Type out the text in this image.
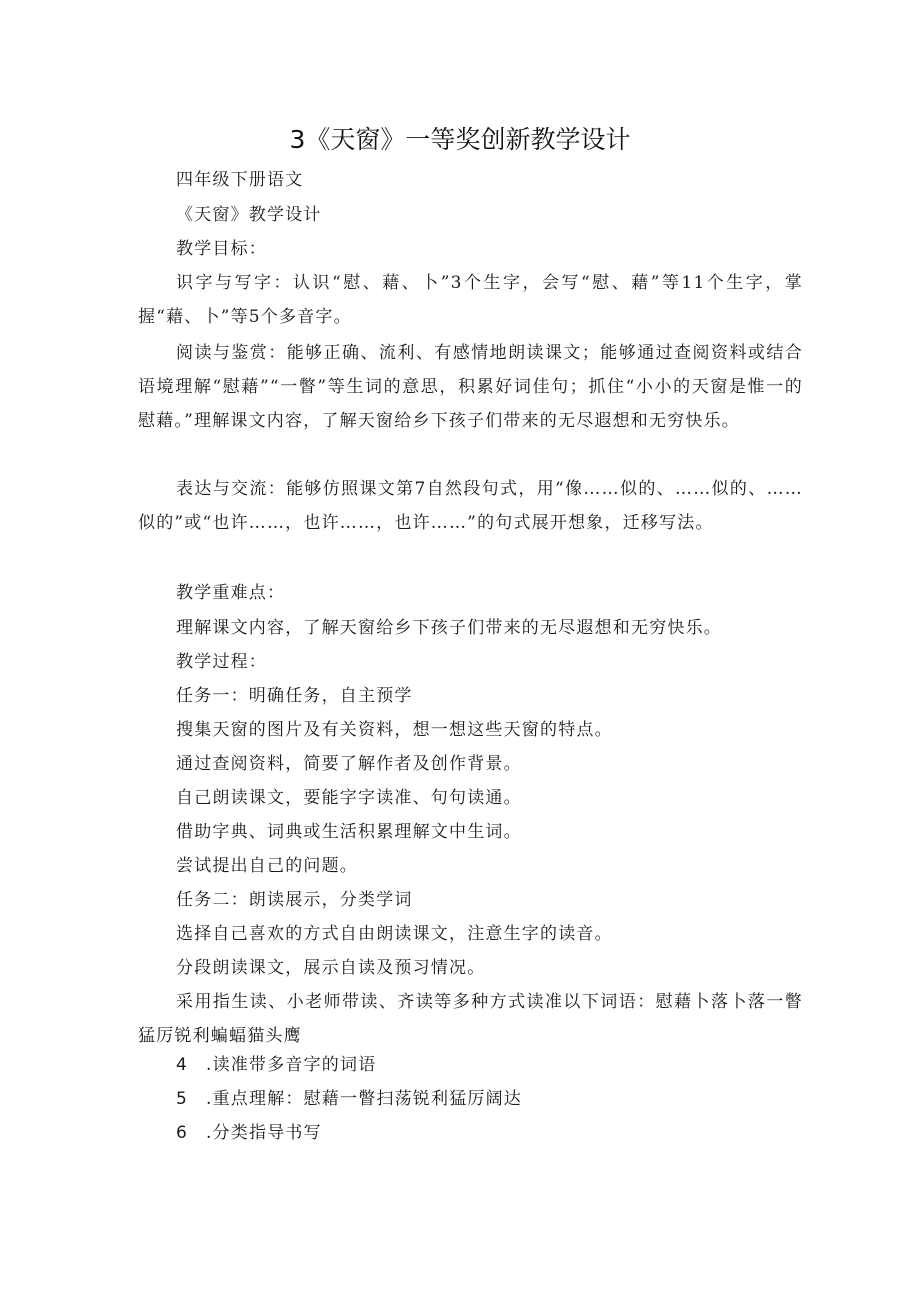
3《天窗》一等奖创新教学设计
四年级下册语文
《天窗》教学设计
教学目标：
识字与写字：认识“慰、藉、卜”3个生字，会写“慰、藉”等11个生字，掌握“藉、卜”等5个多音字。
阅读与鉴赏：能够正确、流利、有感情地朗读课文；能够通过查阅资料或结合语境理解“慰藉”“一瞥”等生词的意思，积累好词佳句；抓住“小小的天窗是惟一的慰藉。”理解课文内容，了解天窗给乡下孩子们带来的无尽遐想和无穷快乐。
表达与交流：能够仿照课文第7自然段句式，用“像……似的、……似的、……似的”或“也许……，也许……，也许……”的句式展开想象，迁移写法。
教学重难点：
理解课文内容，了解天窗给乡下孩子们带来的无尽遐想和无穷快乐。
教学过程：
任务一：明确任务，自主预学
搜集天窗的图片及有关资料，想一想这些天窗的特点。
通过查阅资料，简要了解作者及创作背景。
自己朗读课文，要能字字读准、句句读通。
借助字典、词典或生活积累理解文中生词。
尝试提出自己的问题。
任务二：朗读展示，分类学词
选择自己喜欢的方式自由朗读课文，注意生字的读音。
分段朗读课文，展示自读及预习情况。
采用指生读、小老师带读、齐读等多种方式读准以下词语：慰藉卜落卜落一瞥猛厉锐利蝙蝠猫头鹰
4 .读准带多音字的词语
5 .重点理解：慰藉一瞥扫荡锐利猛厉阔达
6 .分类指导书写
